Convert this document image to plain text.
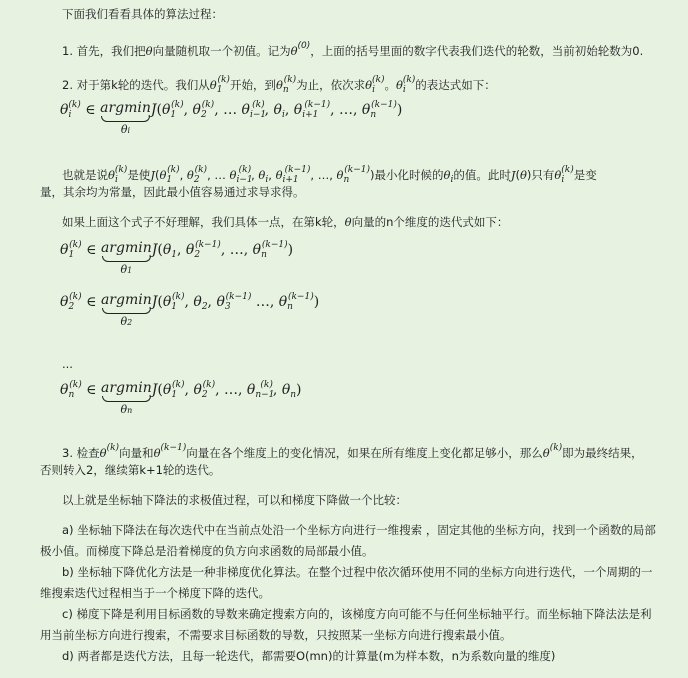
下面我们看看具体的算法过程：
1. 首先，我们把θ向量随机取一个初值。记为$\theta^{(0)}$，上面的括号里面的数字代表我们迭代的轮数，当前初始轮数为0.
2. 对于第k轮的迭代。我们从$\theta_1^{(k)}$开始，到$\theta_n^{(k)}$为止，依次求$\theta_i^{(k)}$。$\theta_i^{(k)}$的表达式如下：
$\theta_i^{(k)}$ ∈ argmin
θi
$J(\theta_1^{(k)}$, $\theta_2^{(k)}$, … $\theta_{i-1}^{(k)}$, $\theta_i$, $\theta_{i+1}^{(k-1)}$, …, $\theta_n^{(k-1)}$)
也就是说$\theta_i^{(k)}$是使$J(\theta_1^{(k)}$, $\theta_2^{(k)}$, … $\theta_{i-1}^{(k)}$, $\theta_i$, $\theta_{i+1}^{(k-1)}$, …, $\theta_n^{(k-1)}$)最小化时候的$\theta_i$的值。此时J(θ)只有$\theta_i^{(k)}$是变
量，其余均为常量，因此最小值容易通过求导求得。
如果上面这个式子不好理解，我们具体一点，在第k轮，θ向量的n个维度的迭代式如下：
$\theta_1^{(k)}$ ∈ argmin
θ1
$J(\theta_1$, $\theta_2^{(k-1)}$, …, $\theta_n^{(k-1)}$)
$\theta_2^{(k)}$ ∈ argmin
θ2
$J(\theta_1^{(k)}$, $\theta_2$, $\theta_3^{(k-1)}$ …, $\theta_n^{(k-1)}$)
...
$\theta_n^{(k)}$ ∈ argmin
θn
$J(\theta_1^{(k)}$, $\theta_2^{(k)}$, …, $\theta_{n-1}^{(k)}$, $\theta_n$)
3. 检查$\theta^{(k)}$向量和$\theta^{(k-1)}$向量在各个维度上的变化情况，如果在所有维度上变化都足够小，那么$\theta^{(k)}$即为最终结果，
否则转入2，继续第k+1轮的迭代。
以上就是坐标轴下降法的求极值过程，可以和梯度下降做一个比较：
a) 坐标轴下降法在每次迭代中在当前点处沿一个坐标方向进行一维搜索 ，固定其他的坐标方向，找到一个函数的局部
极小值。而梯度下降总是沿着梯度的负方向求函数的局部最小值。
b) 坐标轴下降优化方法是一种非梯度优化算法。在整个过程中依次循环使用不同的坐标方向进行迭代，一个周期的一
维搜索迭代过程相当于一个梯度下降的迭代。
c) 梯度下降是利用目标函数的导数来确定搜索方向的，该梯度方向可能不与任何坐标轴平行。而坐标轴下降法法是利
用当前坐标方向进行搜索，不需要求目标函数的导数，只按照某一坐标方向进行搜索最小值。
d) 两者都是迭代方法，且每一轮迭代，都需要O(mn)的计算量(m为样本数，n为系数向量的维度)
